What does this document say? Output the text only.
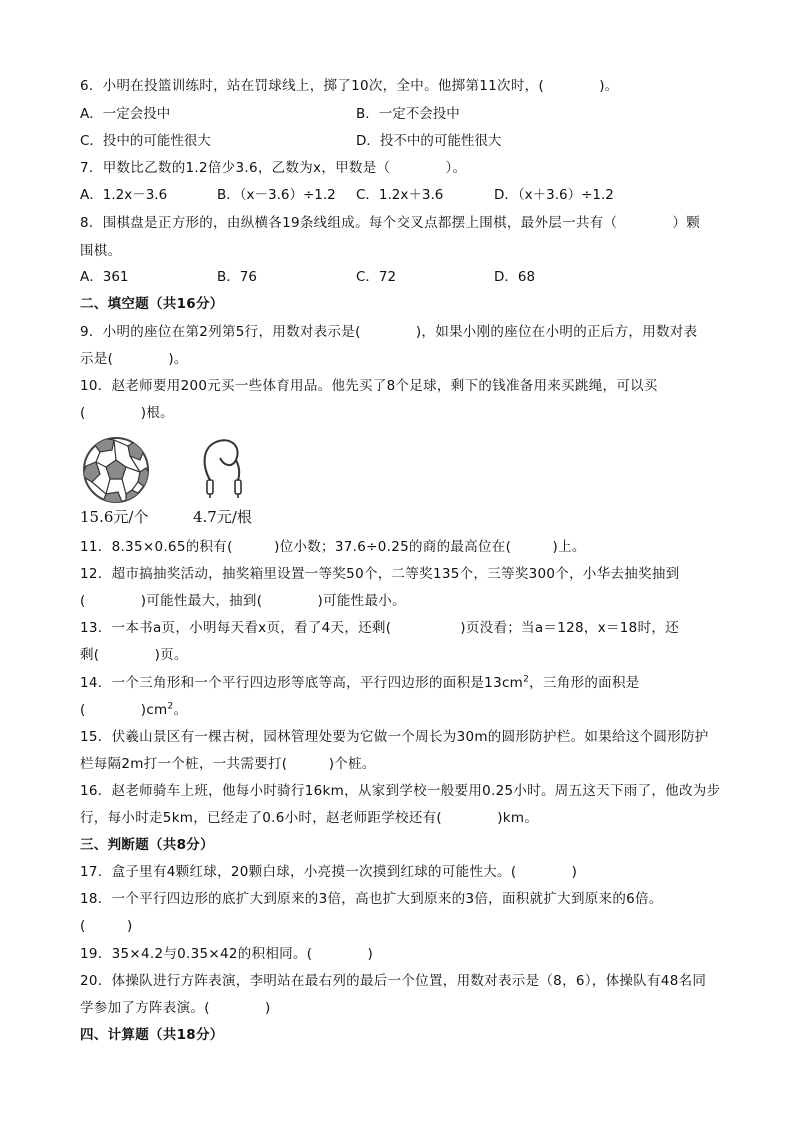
6．小明在投篮训练时，站在罚球线上，掷了10次，全中。他掷第11次时，(　　　　)。
A．一定会投中	B．一定不会投中
C．投中的可能性很大	D．投不中的可能性很大
7．甲数比乙数的1.2倍少3.6，乙数为x，甲数是（　　　　）。
A．1.2x－3.6	B．（x－3.6）÷1.2 C．1.2x＋3.6	D．（x＋3.6）÷1.2
8．围棋盘是正方形的，由纵横各19条线组成。每个交叉点都摆上围棋，最外层一共有（　　　　）颗
围棋。
A．361	B．76	C．72	D．68
二、填空题（共16分）
9．小明的座位在第2列第5行，用数对表示是(　　　　)，如果小刚的座位在小明的正后方，用数对表
示是(　　　　)。
10．赵老师要用200元买一些体育用品。他先买了8个足球，剩下的钱准备用来买跳绳，可以买
(　　　　)根。
15.6元/个	4.7元/根
11．8.35×0.65的积有(　　　)位小数；37.6÷0.25的商的最高位在(　　　)上。
12．超市搞抽奖活动，抽奖箱里设置一等奖50个，二等奖135个，三等奖300个，小华去抽奖抽到
(　　　　)可能性最大，抽到(　　　　)可能性最小。
13．一本书a页，小明每天看x页，看了4天，还剩(　　　　　)页没看；当a＝128，x＝18时，还
剩(　　　　)页。
14．一个三角形和一个平行四边形等底等高，平行四边形的面积是$13cm^2$，三角形的面积是
(　　　　)$cm^2$。
15．伏羲山景区有一棵古树，园林管理处要为它做一个周长为30m的圆形防护栏。如果给这个圆形防护
栏每隔2m打一个桩，一共需要打(　　　)个桩。
16．赵老师骑车上班，他每小时骑行16km，从家到学校一般要用0.25小时。周五这天下雨了，他改为步
行，每小时走5km，已经走了0.6小时，赵老师距学校还有(　　　　)km。
三、判断题（共8分）
17．盒子里有4颗红球，20颗白球，小亮摸一次摸到红球的可能性大。(　　　　)
18．一个平行四边形的底扩大到原来的3倍，高也扩大到原来的3倍，面积就扩大到原来的6倍。
(　　　)
19．35×4.2与0.35×42的积相同。(　　　　)
20．体操队进行方阵表演，李明站在最右列的最后一个位置，用数对表示是（8，6），体操队有48名同
学参加了方阵表演。(　　　　)
四、计算题（共18分）
